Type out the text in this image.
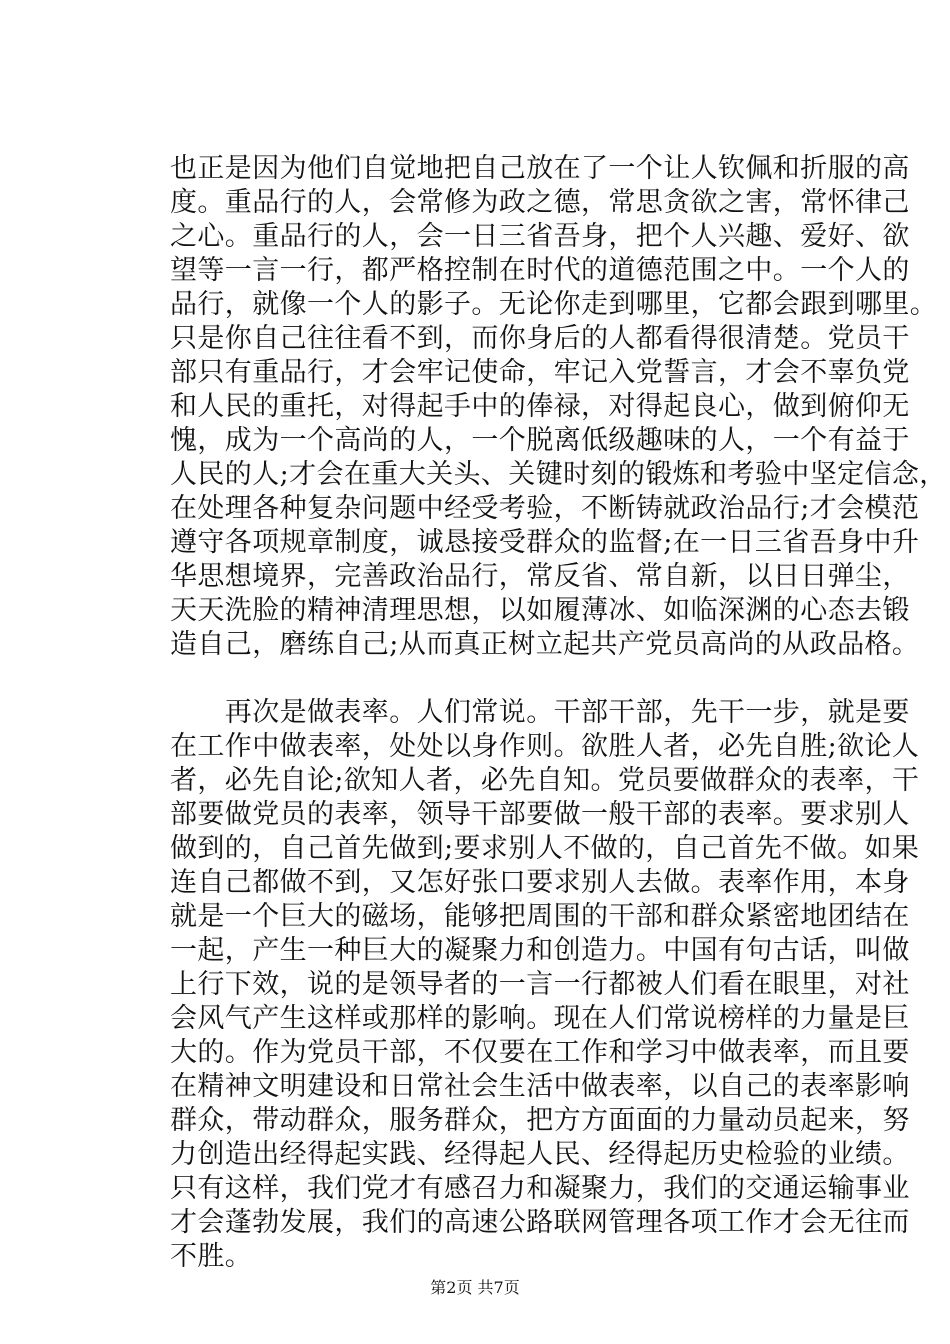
也正是因为他们自觉地把自己放在了一个让人钦佩和折服的高
度。重品行的人，会常修为政之德，常思贪欲之害，常怀律己
之心。重品行的人，会一日三省吾身，把个人兴趣、爱好、欲
望等一言一行，都严格控制在时代的道德范围之中。一个人的
品行，就像一个人的影子。无论你走到哪里，它都会跟到哪里。
只是你自己往往看不到，而你身后的人都看得很清楚。党员干
部只有重品行，才会牢记使命，牢记入党誓言，才会不辜负党
和人民的重托，对得起手中的俸禄，对得起良心，做到俯仰无
愧，成为一个高尚的人，一个脱离低级趣味的人，一个有益于
人民的人;才会在重大关头、关键时刻的锻炼和考验中坚定信念，
在处理各种复杂问题中经受考验，不断铸就政治品行;才会模范
遵守各项规章制度，诚恳接受群众的监督;在一日三省吾身中升
华思想境界，完善政治品行，常反省、常自新，以日日弹尘，
天天洗脸的精神清理思想，以如履薄冰、如临深渊的心态去锻
造自己，磨练自己;从而真正树立起共产党员高尚的从政品格。
　　再次是做表率。人们常说。干部干部，先干一步，就是要
在工作中做表率，处处以身作则。欲胜人者，必先自胜;欲论人
者，必先自论;欲知人者，必先自知。党员要做群众的表率，干
部要做党员的表率，领导干部要做一般干部的表率。要求别人
做到的，自己首先做到;要求别人不做的，自己首先不做。如果
连自己都做不到，又怎好张口要求别人去做。表率作用，本身
就是一个巨大的磁场，能够把周围的干部和群众紧密地团结在
一起，产生一种巨大的凝聚力和创造力。中国有句古话，叫做
上行下效，说的是领导者的一言一行都被人们看在眼里，对社
会风气产生这样或那样的影响。现在人们常说榜样的力量是巨
大的。作为党员干部，不仅要在工作和学习中做表率，而且要
在精神文明建设和日常社会生活中做表率，以自己的表率影响
群众，带动群众，服务群众，把方方面面的力量动员起来，努
力创造出经得起实践、经得起人民、经得起历史检验的业绩。
只有这样，我们党才有感召力和凝聚力，我们的交通运输事业
才会蓬勃发展，我们的高速公路联网管理各项工作才会无往而
不胜。
第2页 共7页
